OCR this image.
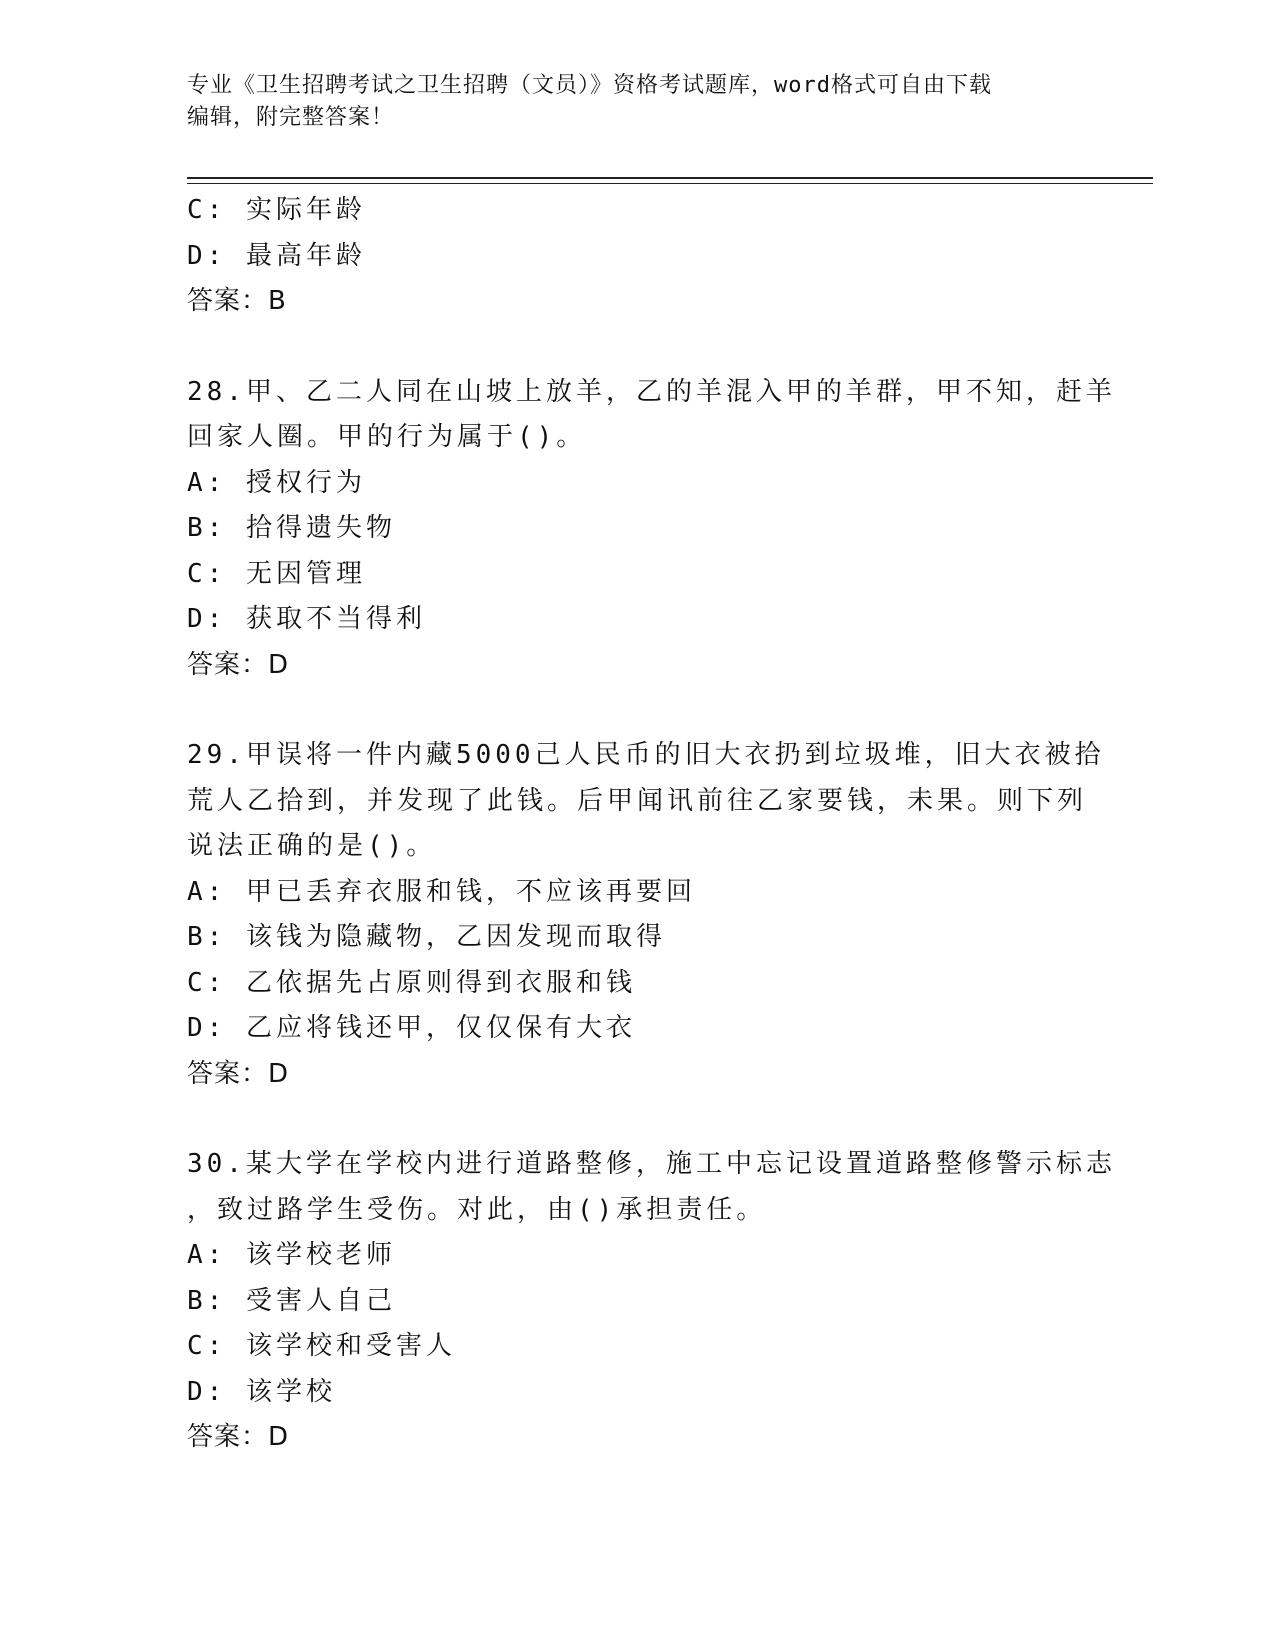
专业《卫生招聘考试之卫生招聘（文员）》资格考试题库，word格式可自由下载
编辑，附完整答案！
C: 实际年龄
D: 最高年龄
答案：B
28.甲、乙二人同在山坡上放羊，乙的羊混入甲的羊群，甲不知，赶羊
回家人圈。甲的行为属于()。
A: 授权行为
B: 拾得遗失物
C: 无因管理
D: 获取不当得利
答案：D
29.甲误将一件内藏5000己人民币的旧大衣扔到垃圾堆，旧大衣被拾
荒人乙拾到，并发现了此钱。后甲闻讯前往乙家要钱，未果。则下列
说法正确的是()。
A: 甲已丢弃衣服和钱，不应该再要回
B: 该钱为隐藏物，乙因发现而取得
C: 乙依据先占原则得到衣服和钱
D: 乙应将钱还甲，仅仅保有大衣
答案：D
30.某大学在学校内进行道路整修，施工中忘记设置道路整修警示标志
，致过路学生受伤。对此，由()承担责任。
A: 该学校老师
B: 受害人自己
C: 该学校和受害人
D: 该学校
答案：D
